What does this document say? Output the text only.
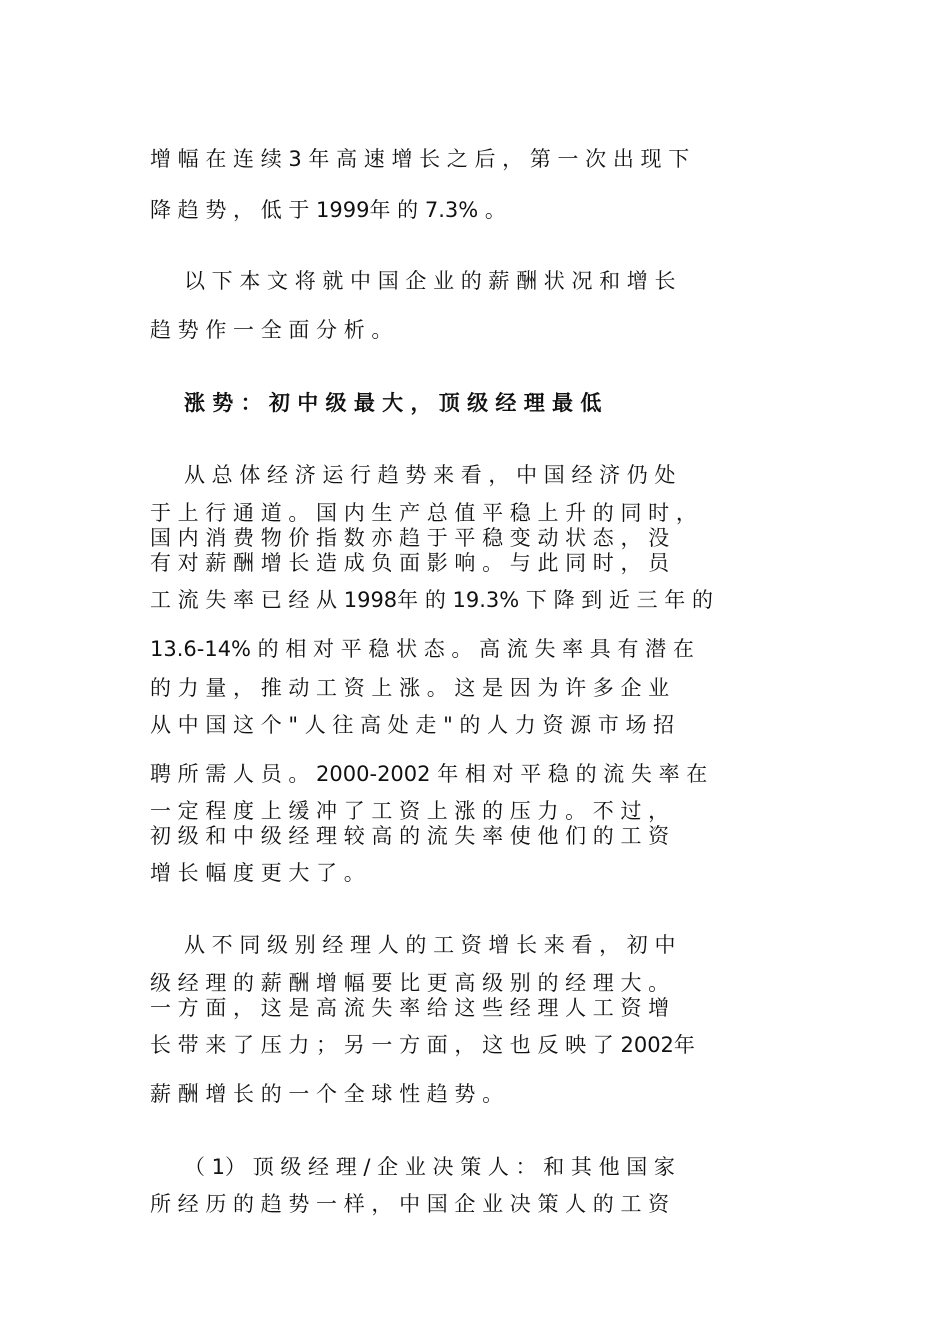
增 幅 在 连 续 3 年 高 速 增 长 之 后 ， 第 一 次 出 现 下

降 趋 势 ， 低 于 1999年 的 7.3% 。

以 下 本 文 将 就 中 国 企 业 的 薪 酬 状 况 和 增 长

趋 势 作 一 全 面 分 析 。

涨 势 ： 初 中 级 最 大 ， 顶 级 经 理 最 低

从 总 体 经 济 运 行 趋 势 来 看 ， 中 国 经 济 仍 处

于 上 行 通 道 。 国 内 生 产 总 值 平 稳 上 升 的 同 时 ，

国 内 消 费 物 价 指 数 亦 趋 于 平 稳 变 动 状 态 ， 没

有 对 薪 酬 增 长 造 成 负 面 影 响 。 与 此 同 时 ， 员

工 流 失 率 已 经 从 1998年 的 19.3% 下 降 到 近 三 年 的

13.6-14% 的 相 对 平 稳 状 态 。 高 流 失 率 具 有 潜 在

的 力 量 ， 推 动 工 资 上 涨 。 这 是 因 为 许 多 企 业

从 中 国 这 个 " 人 往 高 处 走 " 的 人 力 资 源 市 场 招

聘 所 需 人 员 。 2000-2002 年 相 对 平 稳 的 流 失 率 在

一 定 程 度 上 缓 冲 了 工 资 上 涨 的 压 力 。 不 过 ，

初 级 和 中 级 经 理 较 高 的 流 失 率 使 他 们 的 工 资

增 长 幅 度 更 大 了 。

从 不 同 级 别 经 理 人 的 工 资 增 长 来 看 ， 初 中

级 经 理 的 薪 酬 增 幅 要 比 更 高 级 别 的 经 理 大 。

一 方 面 ， 这 是 高 流 失 率 给 这 些 经 理 人 工 资 增

长 带 来 了 压 力 ； 另 一 方 面 ， 这 也 反 映 了 2002年

薪 酬 增 长 的 一 个 全 球 性 趋 势 。

（ 1） 顶 级 经 理 / 企 业 决 策 人 ： 和 其 他 国 家

所 经 历 的 趋 势 一 样 ， 中 国 企 业 决 策 人 的 工 资
